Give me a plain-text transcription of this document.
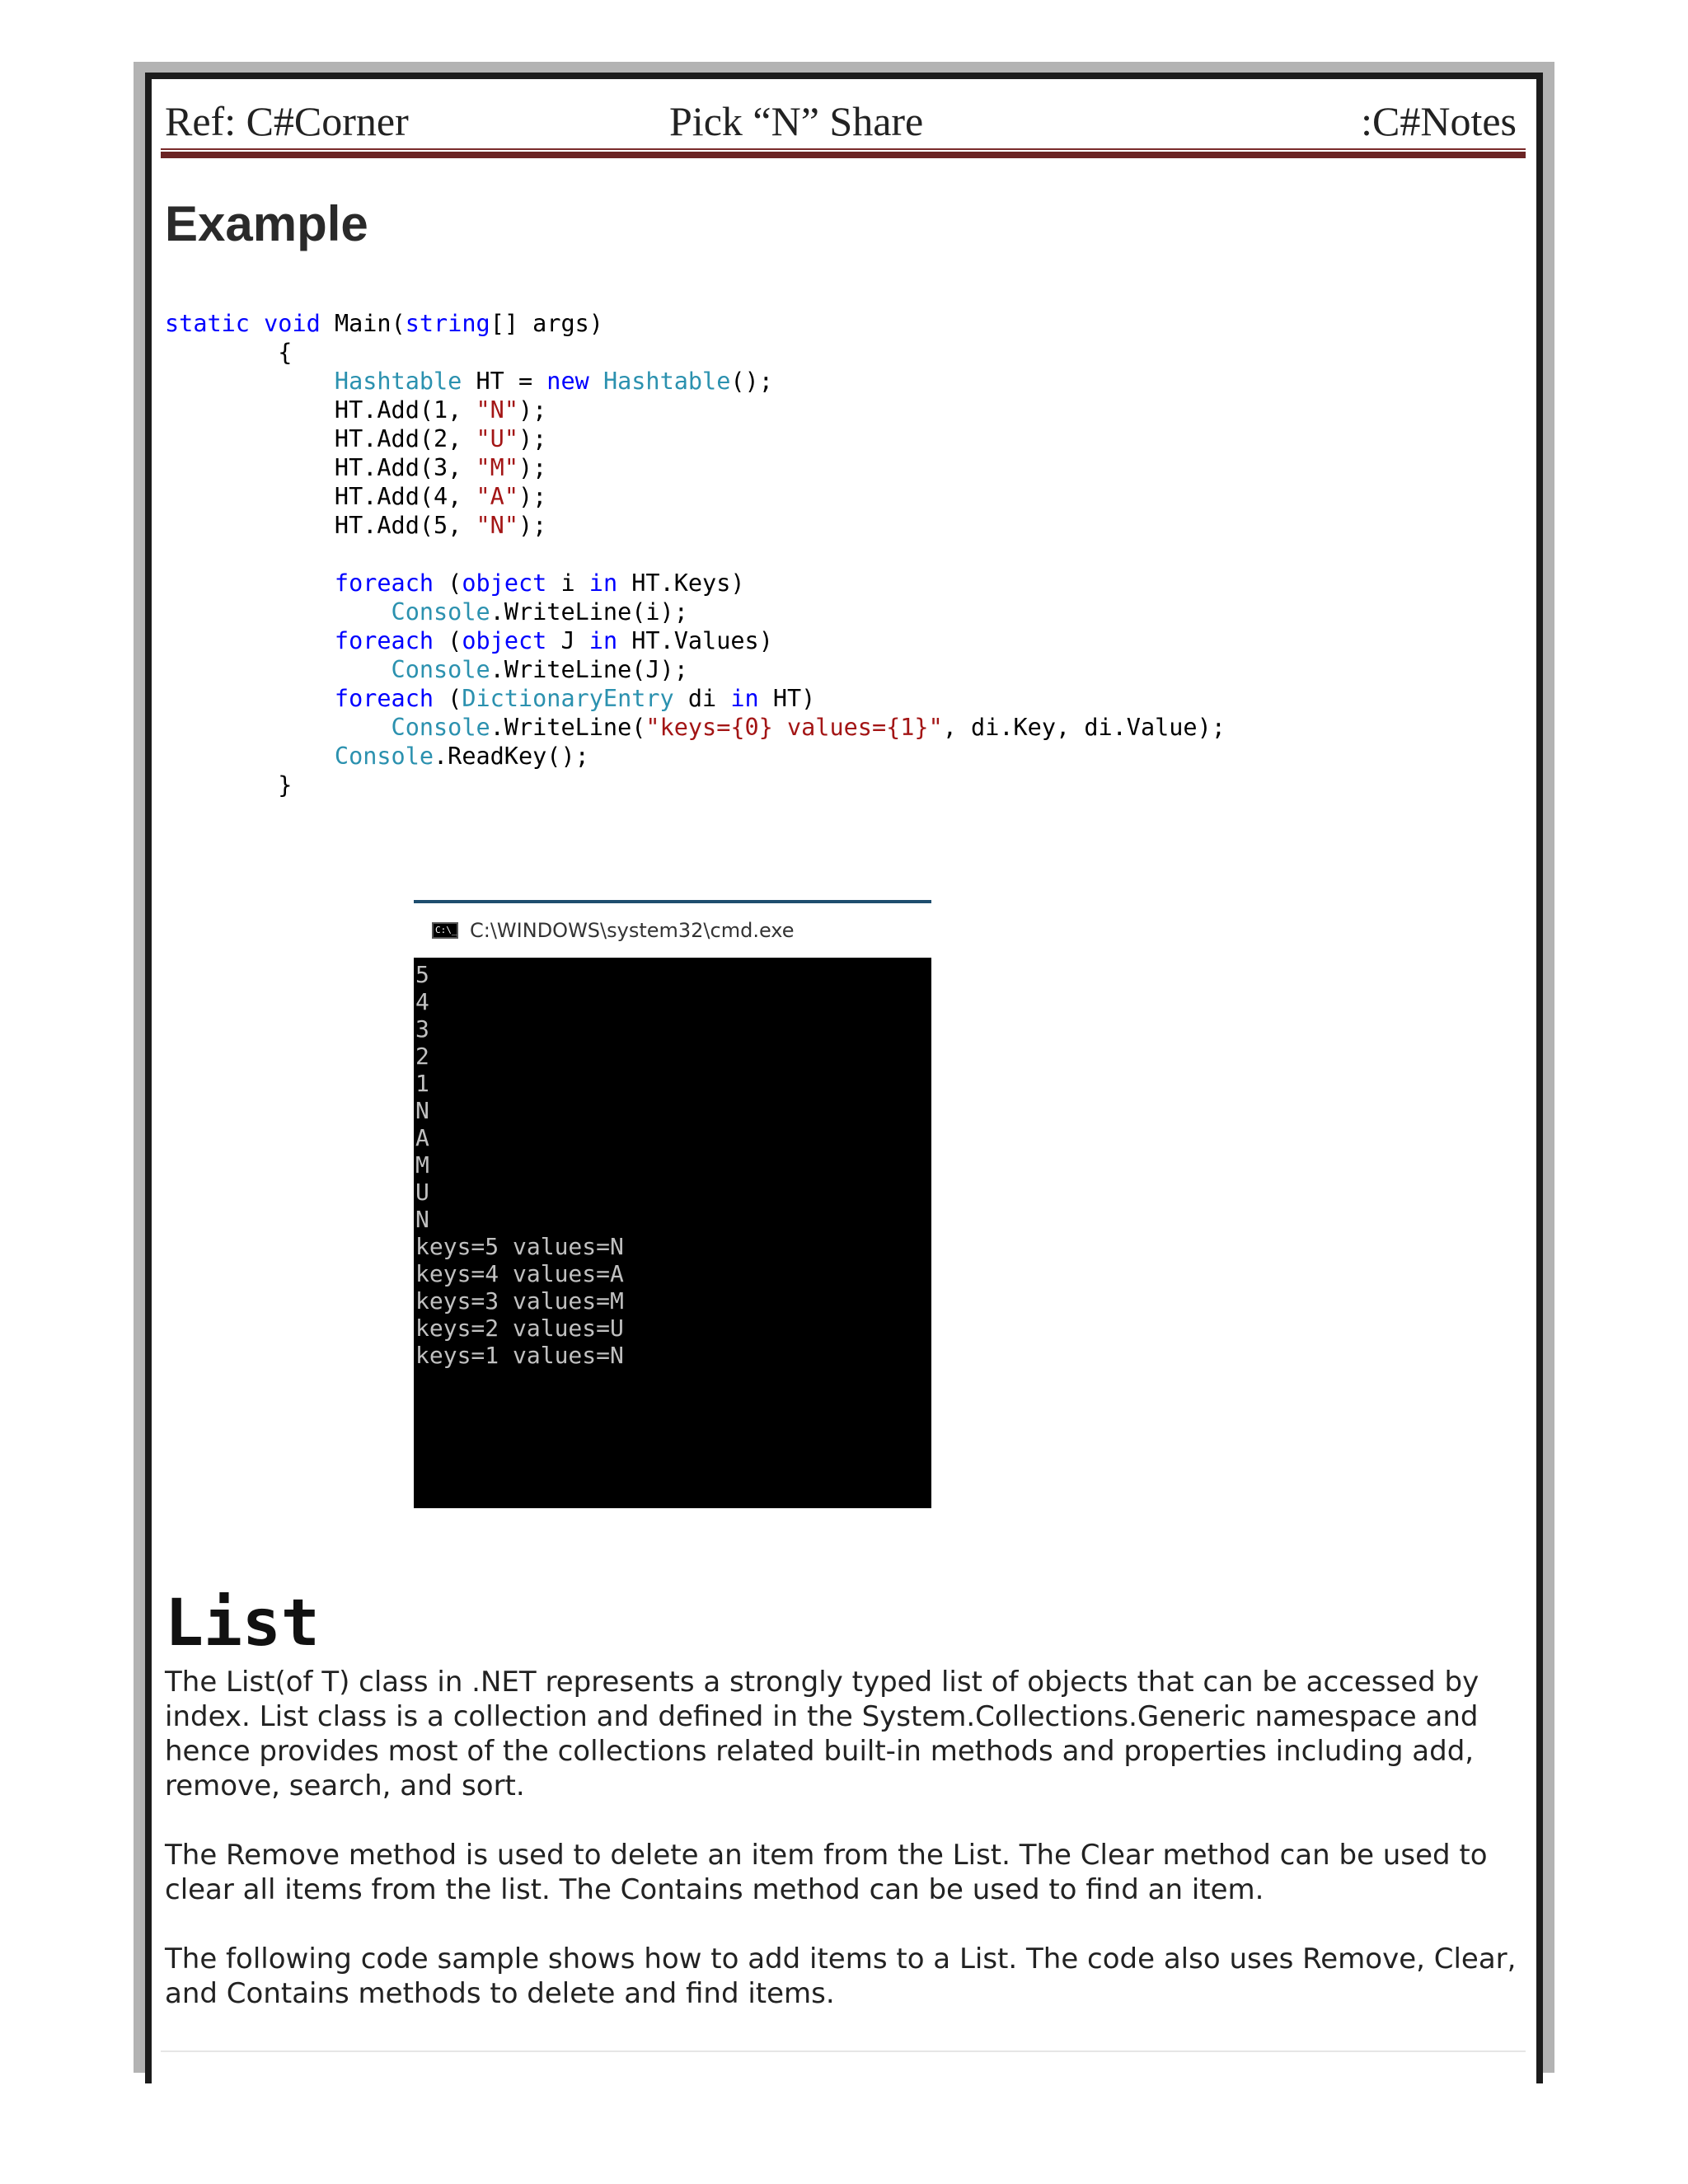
Ref: C#Corner	Pick “N” Share	:C#Notes
Example
static void Main(string[] args)
{
Hashtable HT = new Hashtable();
HT.Add(1, "N");
HT.Add(2, "U");
HT.Add(3, "M");
HT.Add(4, "A");
HT.Add(5, "N");

foreach (object i in HT.Keys)
Console.WriteLine(i);
foreach (object J in HT.Values)
Console.WriteLine(J);
foreach (DictionaryEntry di in HT)
Console.WriteLine("keys={0} values={1}", di.Key, di.Value);
Console.ReadKey();
}
C:\_ C:\WINDOWS\system32\cmd.exe
5
4
3
2
1
N
A
M
U
N
keys=5 values=N
keys=4 values=A
keys=3 values=M
keys=2 values=U
keys=1 values=N
List

The List(of T) class in .NET represents a strongly typed list of objects that can be accessed by index. List class is a collection and defined in the System.Collections.Generic namespace and hence provides most of the collections related built-in methods and properties including add, remove, search, and sort.

The Remove method is used to delete an item from the List. The Clear method can be used to clear all items from the list. The Contains method can be used to find an item.

The following code sample shows how to add items to a List. The code also uses Remove, Clear, and Contains methods to delete and find items.
